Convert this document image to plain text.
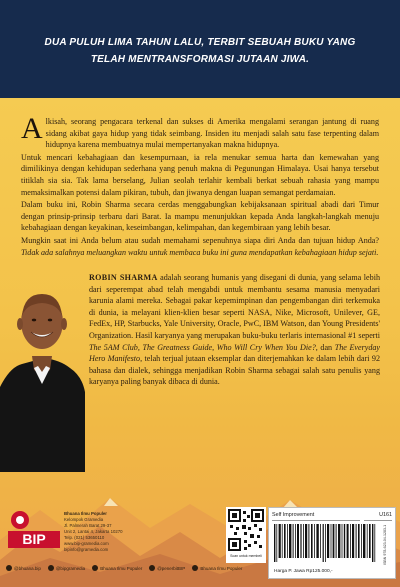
DUA PULUH LIMA TAHUN LALU, TERBIT SEBUAH BUKU YANG TELAH MENTRANSFORMASI JUTAAN JIWA.

Alkisah, seorang pengacara terkenal dan sukses di Amerika mengalami serangan jantung di ruang sidang akibat gaya hidup yang tidak seimbang. Insiden itu menjadi salah satu fase terpenting dalam hidupnya karena membuatnya mulai mempertanyakan makna hidupnya.

Untuk mencari kebahagiaan dan kesempurnaan, ia rela menukar semua harta dan kemewahan yang dimilikinya dengan kehidupan sederhana yang penuh makna di Pegunungan Himalaya. Usai hanya tersebut titiklah sia sia. Tak lama berselang, Julian seolah terlahir kembali berkat sebuah rahasia yang mampu memaksimalkan potensi dalam pikiran, tubuh, dan jiwanya dengan luapan semangat perdamaian.

Dalam buku ini, Robin Sharma secara cerdas menggabungkan kebijaksanaan spiritual abadi dari Timur dengan prinsip-prinsip terbaru dari Barat. Ia mampu menunjukkan kepada Anda langkah-langkah menuju kebahagiaan dengan keyakinan, keseimbangan, kelimpahan, dan kegembiraan yang lebih besar.

Mungkin saat ini Anda belum atau sudah memahami sepenuhnya siapa diri Anda dan tujuan hidup Anda? Tidak ada salahnya meluangkan waktu untuk membaca buku ini guna mendapatkan kebahagiaan hidup sejati.

ROBIN SHARMA adalah seorang humanis yang disegani di dunia, yang selama lebih dari seperempat abad telah mengabdi untuk membantu sesama manusia menyadari karunia alami mereka. Sebagai pakar kepemimpinan dan pengembangan diri terkemuka di dunia, ia melayani klien-klien besar seperti NASA, Nike, Microsoft, Unilever, GE, FedEx, HP, Starbucks, Yale University, Oracle, PwC, IBM Watson, dan Young Presidents' Organization. Hasil karyanya yang merupakan buku-buku terlaris internasional #1 seperti The 5AM Club, The Greatness Guide, Who Will Cry When You Die?, dan The Everyday Hero Manifesto, telah terjual jutaan eksemplar dan diterjemahkan ke dalam lebih dari 92 bahasa dan dialek, sehingga menjadikan Robin Sharma sebagai salah satu penulis yang karyanya paling banyak dibaca di dunia.
BIP
Bhuana Ilmu Populer
Kelompok Gramedia
Jl. Palmerah Barat 29-37
Unit 2, Lantai 4, Jakarta 10270
Telp. (021) 53650110
www.bip-gramedia.com
bipinfo@gramedia.com
@bhuana.bip	@bipgramedia	Bhuana Ilmu Populer	@penerbitBIP	Bhuana Ilmu Populer
Scan untuk membeli
Self Improvement	U161
ISBN 978-623-04-1283-1
Harga P. Jawa Rp125.000,-
